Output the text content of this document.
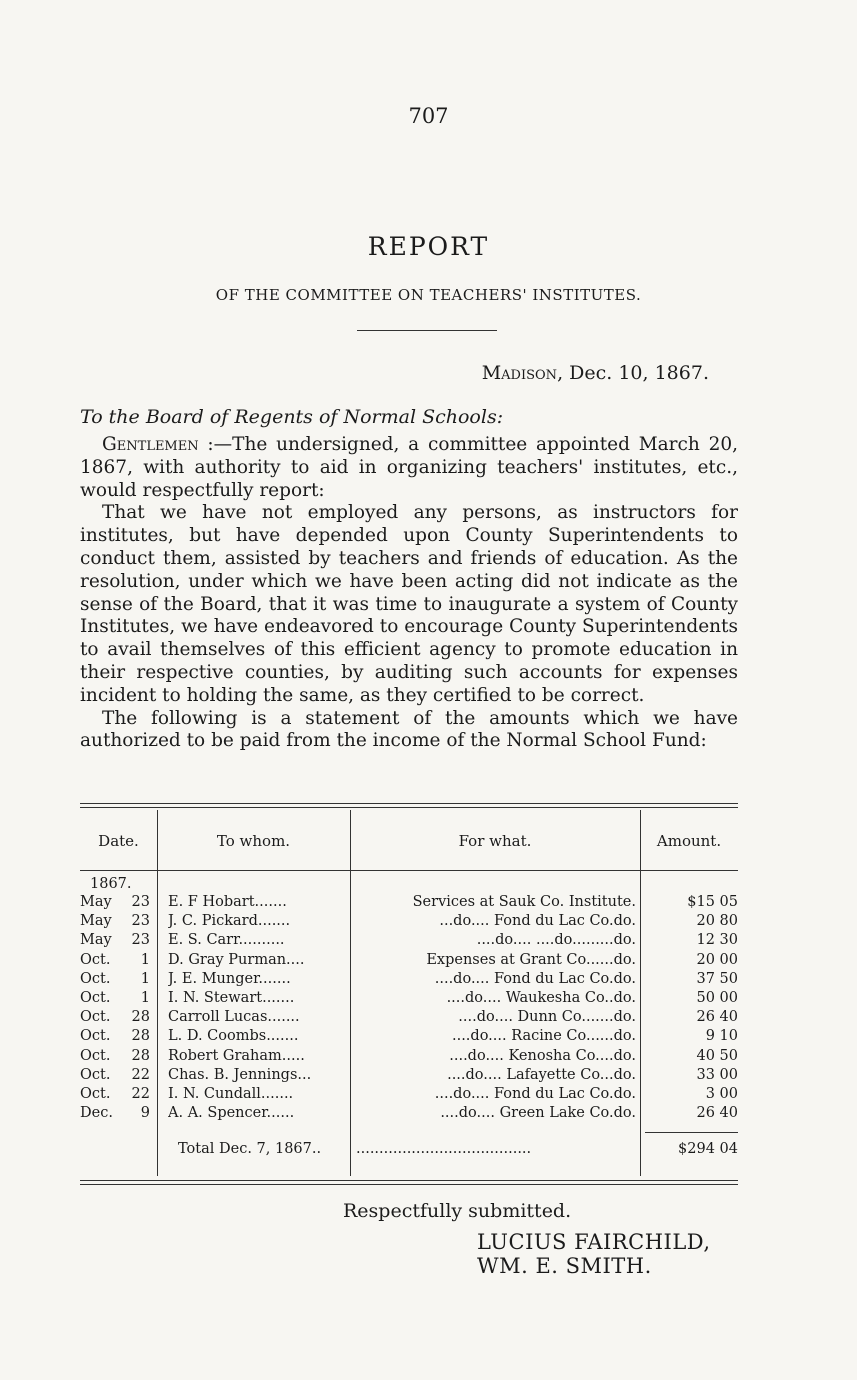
707
REPORT
OF THE COMMITTEE ON TEACHERS' INSTITUTES.
Madison, Dec. 10, 1867.
To the Board of Regents of Normal Schools:

Gentlemen :—The undersigned, a committee appointed March 20, 1867, with authority to aid in organizing teachers' institutes, etc., would respectfully report:

That we have not employed any persons, as instructors for institutes, but have depended upon County Superintendents to conduct them, assisted by teachers and friends of education. As the resolution, under which we have been acting did not indicate as the sense of the Board, that it was time to inaugurate a system of County Institutes, we have endeavored to encourage County Superintendents to avail themselves of this efficient agency to promote education in their respective counties, by auditing such accounts for expenses incident to holding the same, as they certified to be correct.

The following is a statement of the amounts which we have authorized to be paid from the income of the Normal School Fund:

Date.	To whom.	For what.	Amount.
1867.
May	23 E. F Hobart.......	Services at Sauk Co. Institute.	$15 05
May	23 J. C. Pickard.......	...do.... Fond du Lac Co.do.	20 80
May	23 E. S. Carr..........	....do.... ....do.........do.	12 30
Oct.	1 D. Gray Purman....	Expenses at Grant Co......do.	20 00
Oct.	1 J. E. Munger.......	....do.... Fond du Lac Co.do.	37 50
Oct.	1 I. N. Stewart.......	....do.... Waukesha Co..do.	50 00
Oct.	28 Carroll Lucas.......	....do.... Dunn Co.......do.	26 40
Oct.	28 L. D. Coombs.......	....do.... Racine Co......do.	9 10
Oct.	28 Robert Graham.....	....do.... Kenosha Co....do.	40 50
Oct.	22 Chas. B. Jennings...	....do.... Lafayette Co...do.	33 00
Oct.	22 I. N. Cundall.......	....do.... Fond du Lac Co.do.	3 00
Dec.	9 A. A. Spencer......	....do.... Green Lake Co.do.	26 40
Total Dec. 7, 1867.. ......................................	$294 04
Respectfully submitted.
LUCIUS FAIRCHILD,
WM. E. SMITH.
